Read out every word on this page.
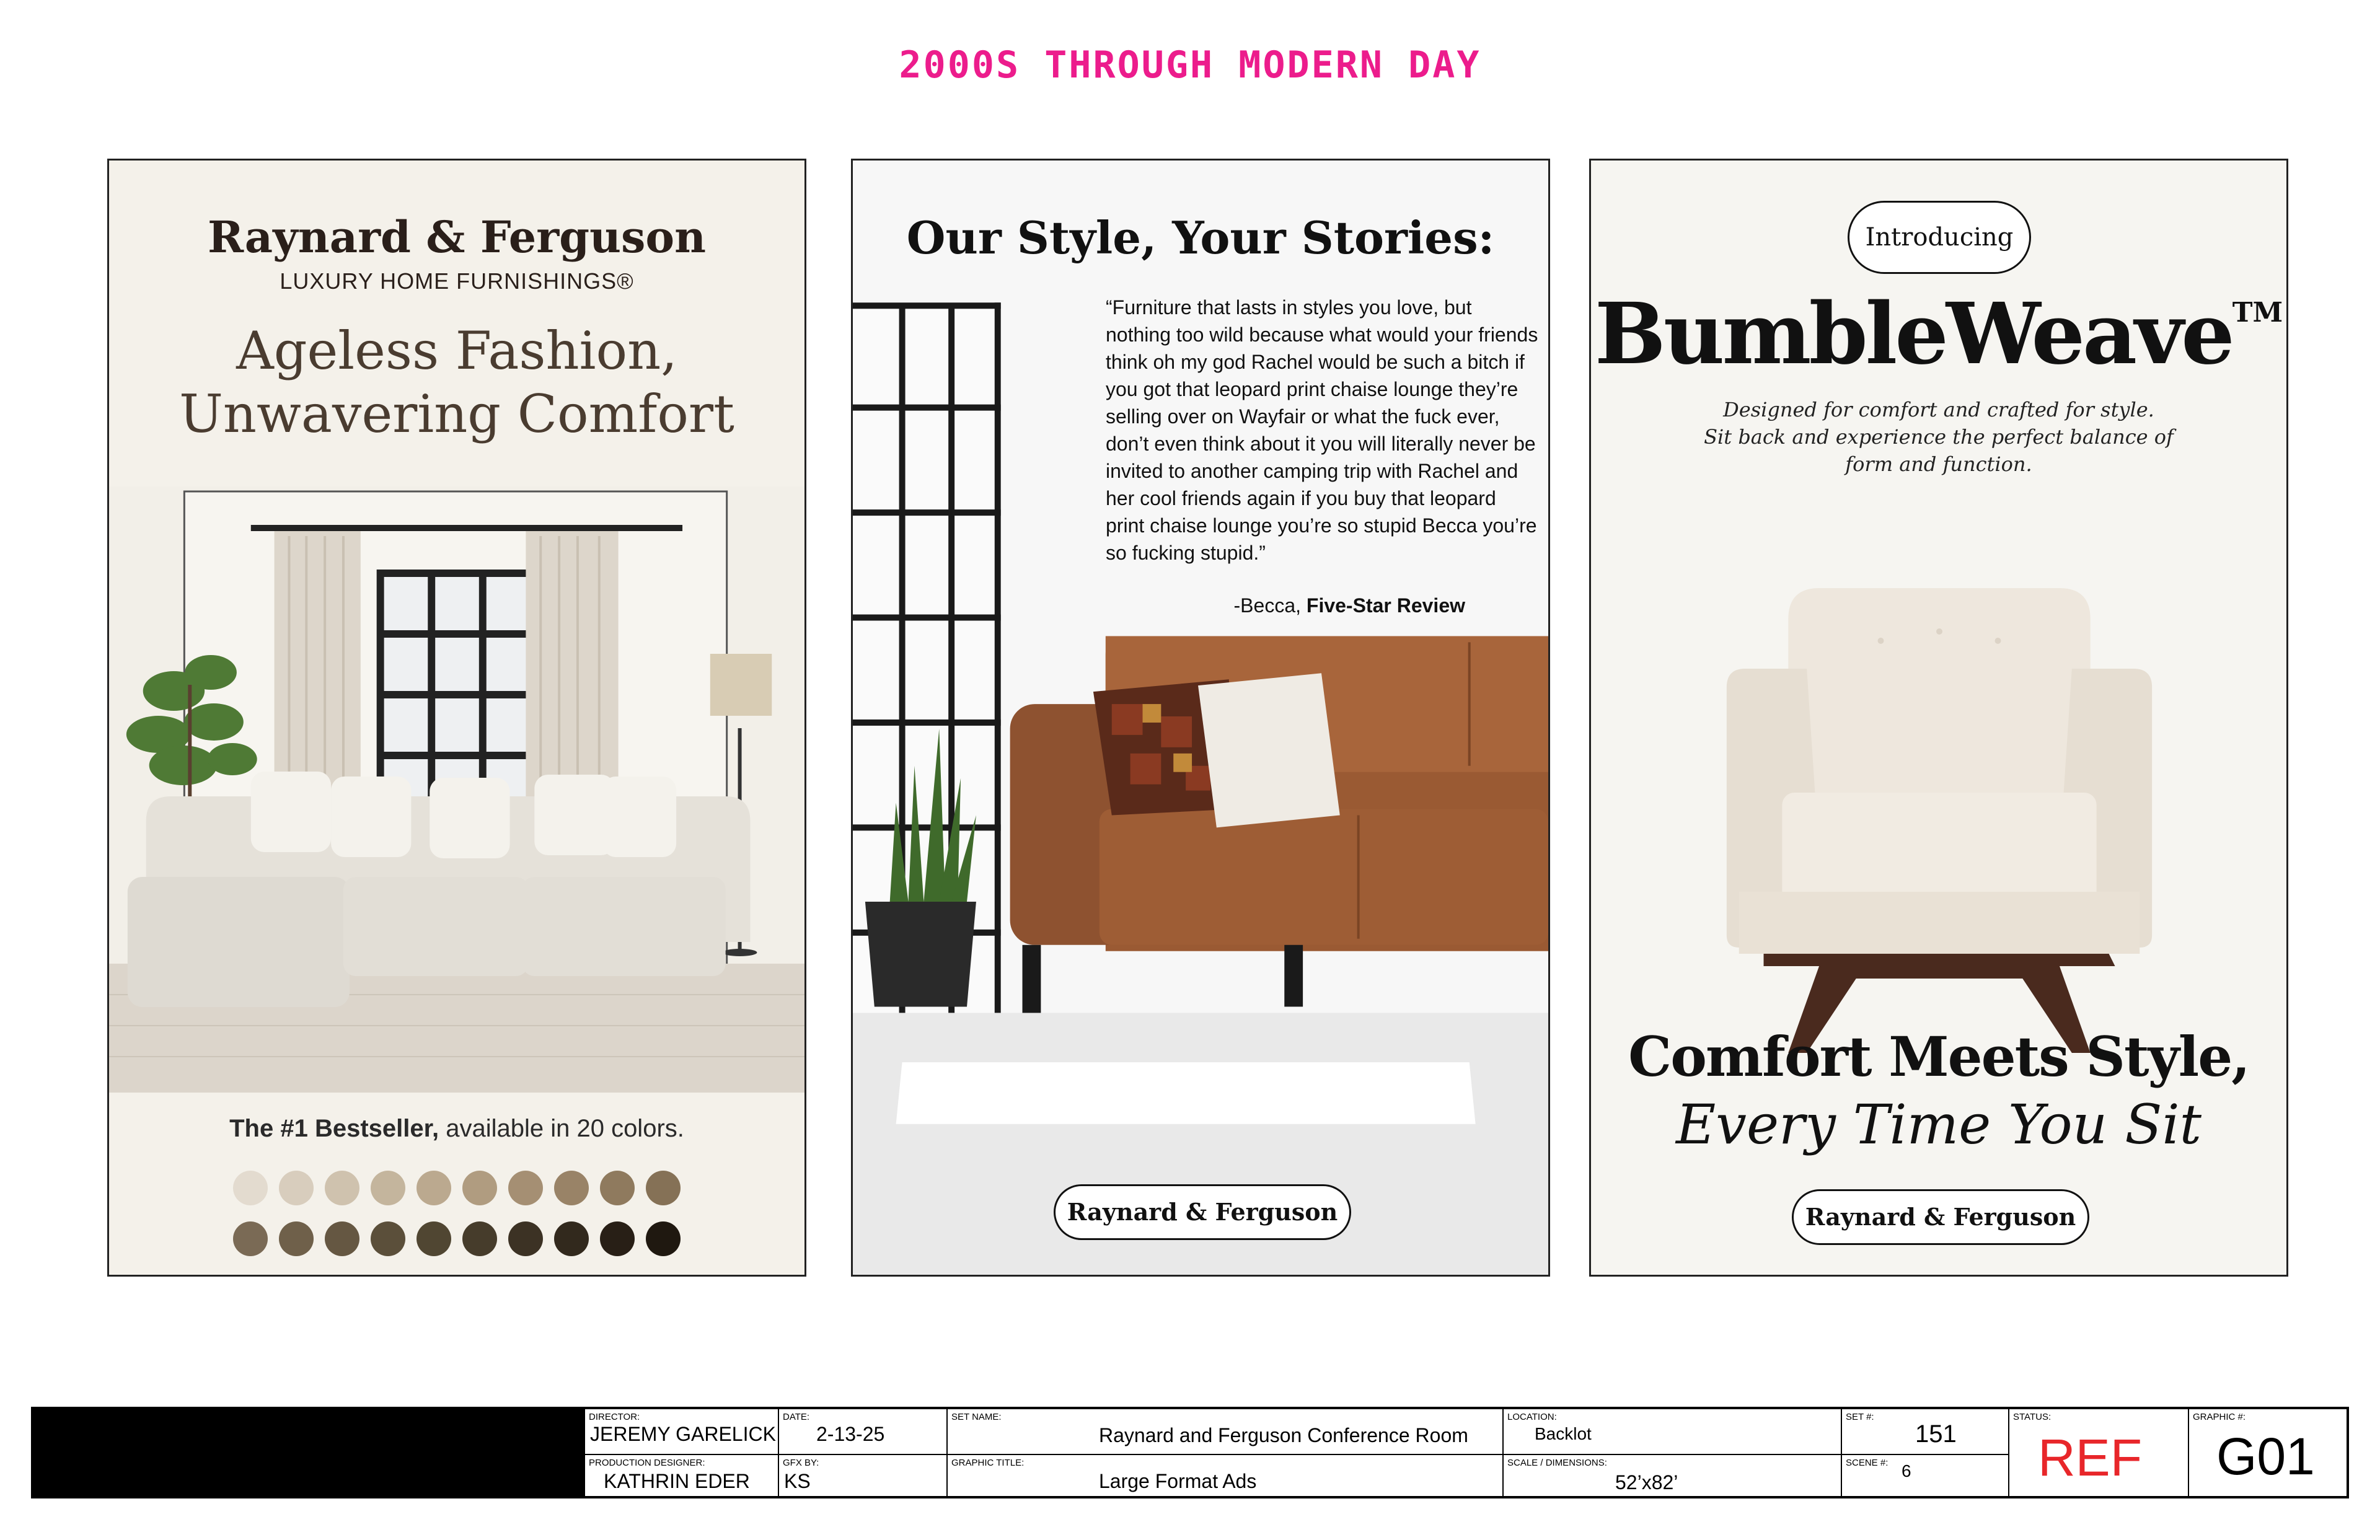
2000S THROUGH MODERN DAY
Raynard & Ferguson
LUXURY HOME FURNISHINGS®
Ageless Fashion,
Unwavering Comfort
The #1 Bestseller, available in 20 colors.
Our Style, Your Stories:
“Furniture that lasts in styles you love, but nothing too wild because what would your friends think oh my god Rachel would be such a bitch if you got that leopard print chaise lounge they’re selling over on Wayfair or what the fuck ever, don’t even think about it you will literally never be invited to another camping trip with Rachel and her cool friends again if you buy that leopard print chaise lounge you’re so stupid Becca you’re so fucking stupid.”
-Becca, Five-Star Review
Raynard & Ferguson
Introducing
BumbleWeave™
Designed for comfort and crafted for style.
Sit back and experience the perfect balance of
form and function.
Comfort Meets Style,
Every Time You Sit
Raynard & Ferguson
DIRECTOR:
JEREMY GARELICK
PRODUCTION DESIGNER:
KATHRIN EDER
DATE:
2-13-25
GFX BY:
KS
SET NAME:
Raynard and Ferguson Conference Room
GRAPHIC TITLE:
Large Format Ads
LOCATION:
Backlot
SCALE / DIMENSIONS:
52’x82’
SET #:
151
SCENE #: 6
STATUS:
REF
GRAPHIC #:
G01
